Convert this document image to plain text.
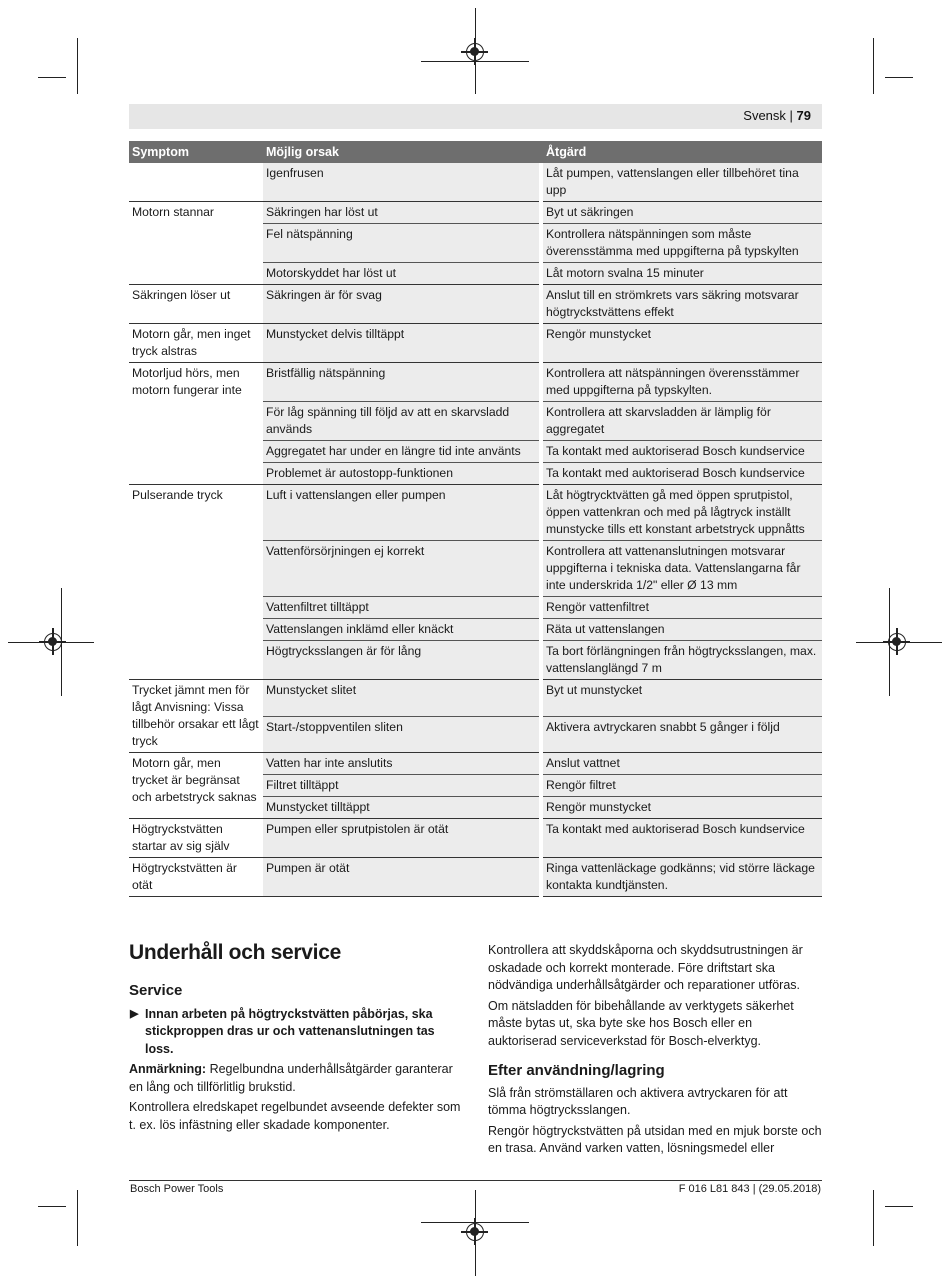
Svensk | 79
Symptom	Möjlig orsak		Åtgärd
	Igenfrusen		Låt pumpen, vattenslangen eller tillbehöret tina upp
Motorn stannar	Säkringen har löst ut		Byt ut säkringen
	Fel nätspänning		Kontrollera nätspänningen som måste överensstämma med uppgifterna på typskylten
	Motorskyddet har löst ut		Låt motorn svalna 15 minuter
Säkringen löser ut	Säkringen är för svag		Anslut till en strömkrets vars säkring motsvarar högtryckstvättens effekt
Motorn går, men inget tryck alstras	Munstycket delvis tilltäppt		Rengör munstycket
Motorljud hörs, men motorn fungerar inte	Bristfällig nätspänning		Kontrollera att nätspänningen överensstämmer med uppgifterna på typskylten.
	För låg spänning till följd av att en skarvsladd används		Kontrollera att skarvsladden är lämplig för aggregatet
	Aggregatet har under en längre tid inte använts		Ta kontakt med auktoriserad Bosch kundservice
	Problemet är autostopp-funktionen		Ta kontakt med auktoriserad Bosch kundservice
Pulserande tryck	Luft i vattenslangen eller pumpen		Låt högtrycktvätten gå med öppen sprutpistol, öppen vattenkran och med på lågtryck inställt munstycke tills ett konstant arbetstryck uppnåtts
	Vattenförsörjningen ej korrekt		Kontrollera att vattenanslutningen motsvarar uppgifterna i tekniska data. Vattenslangarna får inte underskrida 1/2" eller Ø 13 mm
	Vattenfiltret tilltäppt		Rengör vattenfiltret
	Vattenslangen inklämd eller knäckt		Räta ut vattenslangen
	Högtrycksslangen är för lång		Ta bort förlängningen från högtrycksslangen, max. vattenslanglängd 7 m
Trycket jämnt men för lågt Anvisning: Vissa tillbehör orsakar ett lågt tryck	Munstycket slitet		Byt ut munstycket
	Start-/stoppventilen sliten		Aktivera avtryckaren snabbt 5 gånger i följd
Motorn går, men trycket är begränsat och arbetstryck saknas	Vatten har inte anslutits		Anslut vattnet
	Filtret tilltäppt		Rengör filtret
	Munstycket tilltäppt		Rengör munstycket
Högtryckstvätten startar av sig själv	Pumpen eller sprutpistolen är otät		Ta kontakt med auktoriserad Bosch kundservice
Högtryckstvätten är otät	Pumpen är otät		Ringa vattenläckage godkänns; vid större läckage kontakta kundtjänsten.
Underhåll och service
Service

▶ Innan arbeten på högtryckstvätten påbörjas, ska stickproppen dras ur och vattenanslutningen tas loss.

Anmärkning: Regelbundna underhållsåtgärder garanterar en lång och tillförlitlig brukstid.

Kontrollera elredskapet regelbundet avseende defekter som t. ex. lös infästning eller skadade komponenter.

Kontrollera att skyddskåporna och skyddsutrustningen är oskadade och korrekt monterade. Före driftstart ska nödvändiga underhållsåtgärder och reparationer utföras.

Om nätsladden för bibehållande av verktygets säkerhet måste bytas ut, ska byte ske hos Bosch eller en auktoriserad serviceverkstad för Bosch-elverktyg.

Efter användning/lagring

Slå från strömställaren och aktivera avtryckaren för att tömma högtrycksslangen.

Rengör högtryckstvätten på utsidan med en mjuk borste och en trasa. Använd varken vatten, lösningsmedel eller

Bosch Power Tools	F 016 L81 843 | (29.05.2018)
